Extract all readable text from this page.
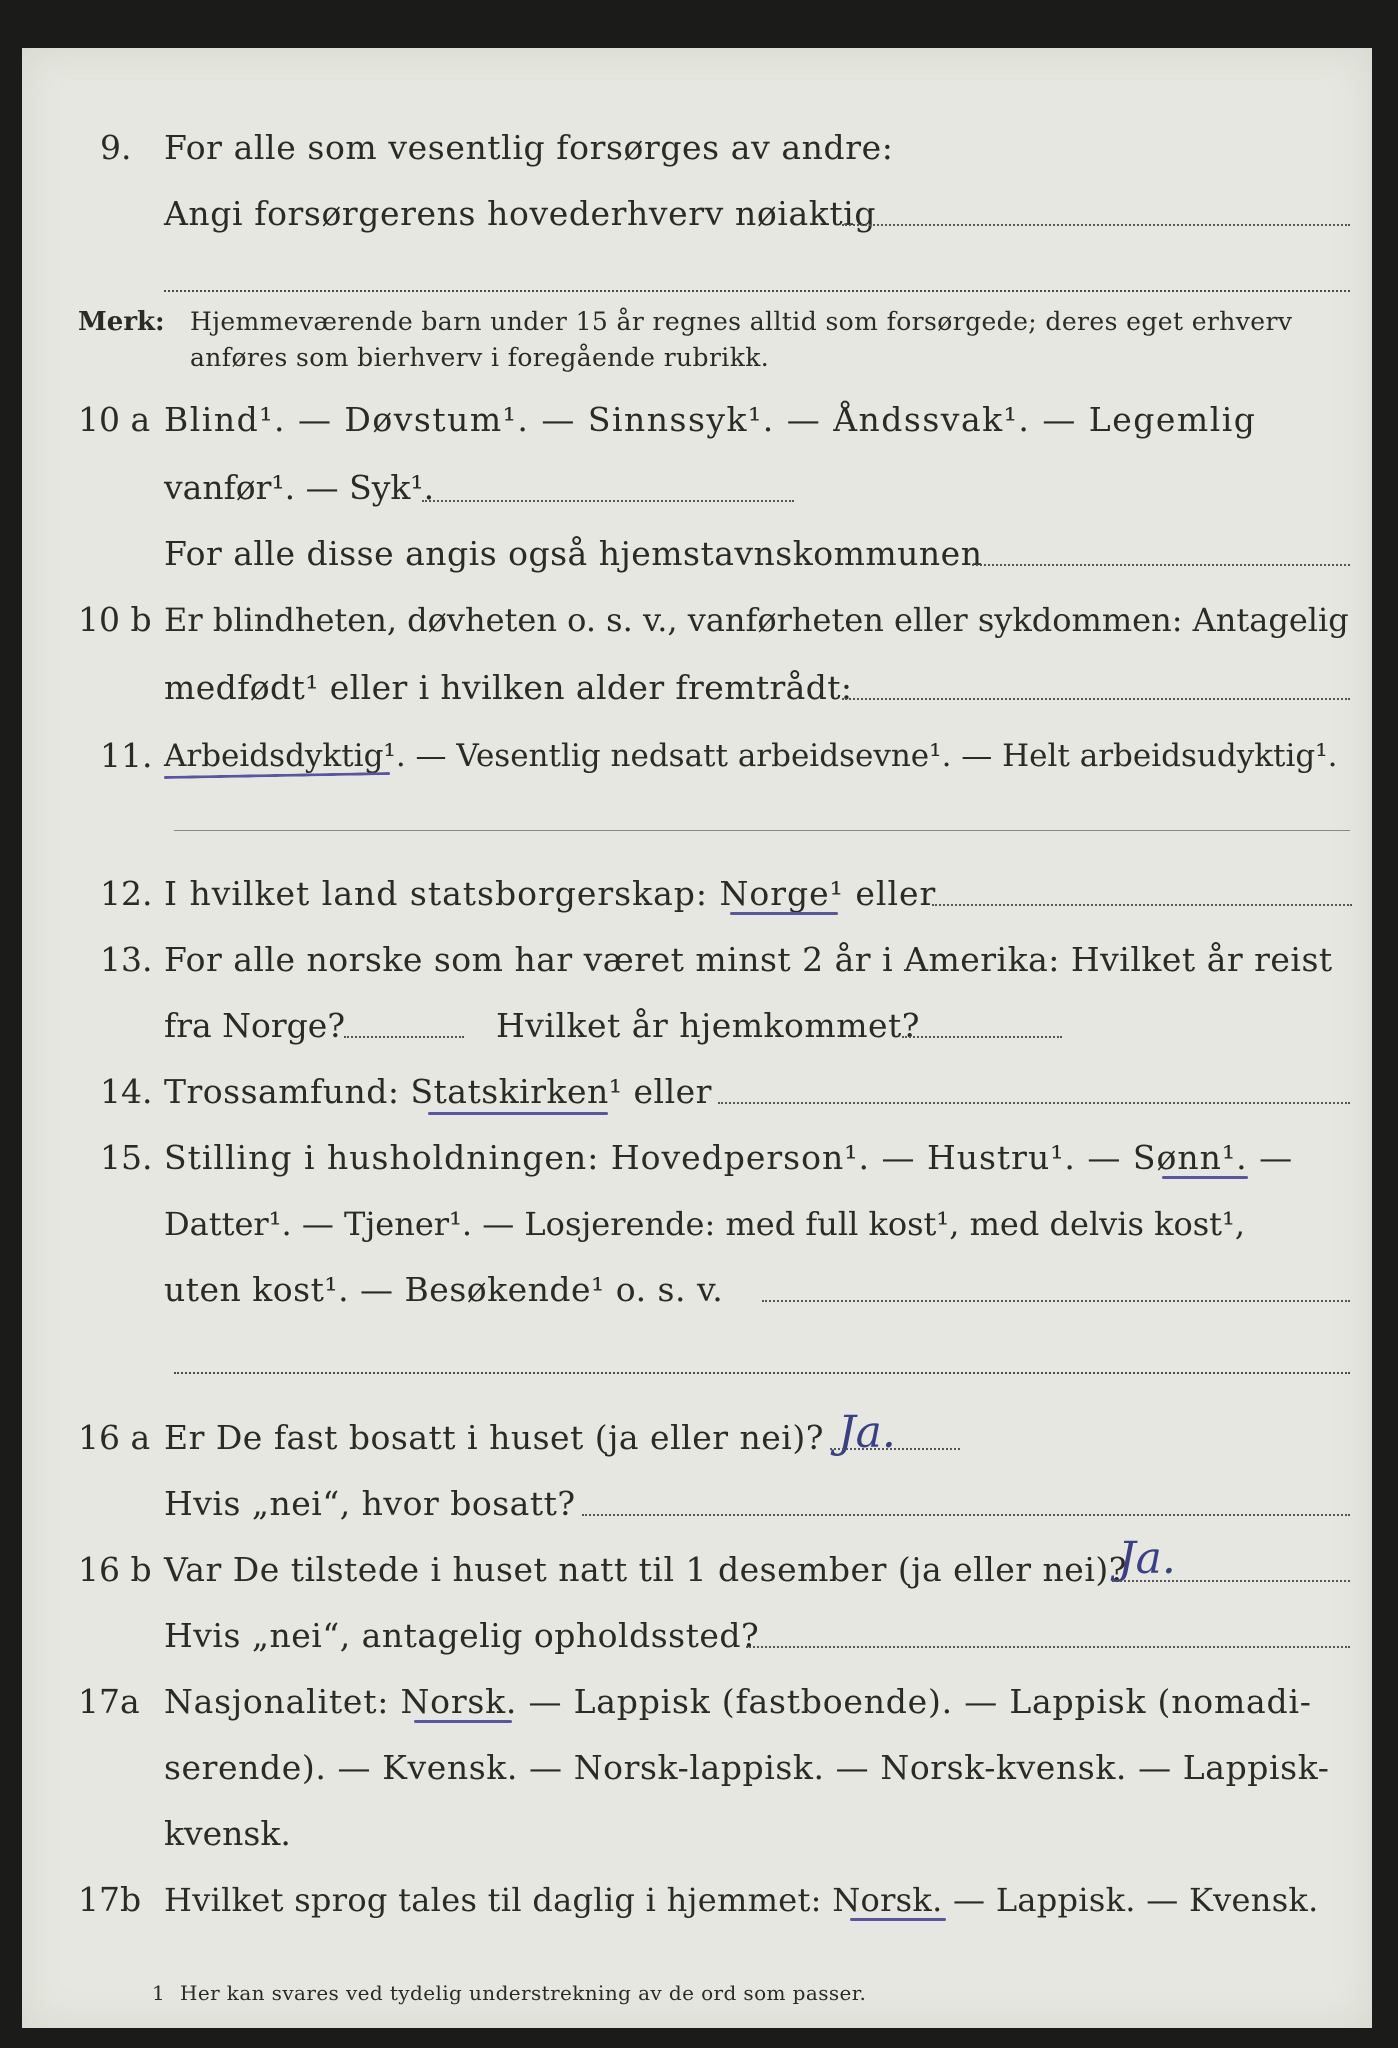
9. For alle som vesentlig forsørges av andre:
Angi forsørgerens hovederhverv nøiaktig
Merk: Hjemmeværende barn under 15 år regnes alltid som forsørgede; deres eget erhverv
anføres som bierhverv i foregående rubrikk.
10 a Blind¹. — Døvstum¹. — Sinnssyk¹. — Åndssvak¹. — Legemlig
vanfør¹. — Syk¹.
For alle disse angis også hjemstavnskommunen
10 b Er blindheten, døvheten o. s. v., vanførheten eller sykdommen: Antagelig
medfødt¹ eller i hvilken alder fremtrådt:
11. Arbeidsdyktig¹. — Vesentlig nedsatt arbeidsevne¹. — Helt arbeidsudyktig¹.
12. I hvilket land statsborgerskap: Norge¹ eller
13. For alle norske som har været minst 2 år i Amerika: Hvilket år reist
fra Norge?	Hvilket år hjemkommet?
14. Trossamfund: Statskirken¹ eller
15. Stilling i husholdningen: Hovedperson¹. — Hustru¹. — Sønn¹. —
Datter¹. — Tjener¹. — Losjerende: med full kost¹, med delvis kost¹,
uten kost¹. — Besøkende¹ o. s. v.
16 a Er De fast bosatt i huset (ja eller nei)? Ja.
Hvis „nei“, hvor bosatt?
16 b Var De tilstede i huset natt til 1 desember (ja eller nei)?
Ja.
Hvis „nei“, antagelig opholdssted?
17a Nasjonalitet: Norsk. — Lappisk (fastboende). — Lappisk (nomadi-
serende). — Kvensk. — Norsk-lappisk. — Norsk-kvensk. — Lappisk-
kvensk.
17b Hvilket sprog tales til daglig i hjemmet: Norsk. — Lappisk. — Kvensk.
1 Her kan svares ved tydelig understrekning av de ord som passer.
